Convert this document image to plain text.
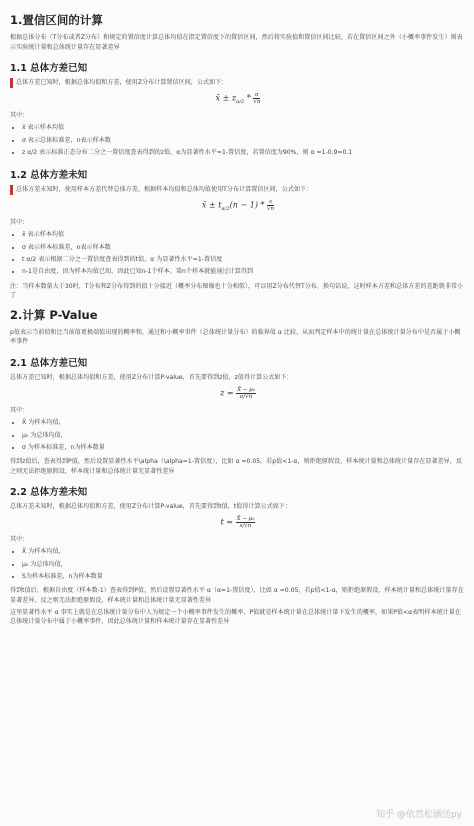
1.置信区间的计算

根据总体分布（T分布或者Z分布）和规定的置信度计算总体均值在指定置信度下的置信区间，然后将实验值和置信区间比较，若在置信区间之外（小概率事件发生）则表示实验统计量和总体统计量存在显著差异

1.1 总体方差已知

总体方差已知时，根据总体均值和方差，使用Z分布计算置信区间，公式如下：

x̄ ± $z_{\alpha/2} * \frac{\sigma}{√n}$

其中：

• x̄ 表示样本均值
• σ 表示总体标准差，n表示样本数
• z α/2 表示标准正态分布二分之一置信度查表得到的z值，α为显著性水平=1-置信度，若置信度为90%，则 α =1-0.9=0.1
1.2 总体方差未知

总体方差未知时，使用样本方差代替总体方差，根据样本均值和总体均值使用T分布计算置信区间，公式如下：

x̄ ± $t_{\alpha/2}(n - 1) * \frac{s}{√n}$

其中：

• x̄ 表示样本均值
• σ 表示样本标准差，n表示样本数
• t α/2 表示根据二分之一置信度查表得到的t值，α 为显著性水平=1-置信度
• n-1是自由度，因为样本均值已知，因此已知n-1个样本，第n个样本就能通过计算得到

注：当样本数量大于30时，T分布和Z分布得到的值十分接近（概率分布图像也十分相似），可以用Z分布代替T分布，换句话说，这时样本方差和总体方差的差距就非常小了

2.计算 P-Value

p值表示当前值和比当前值更极端值出现的概率和，通过和小概率事件（总体统计量分布）的临界值 α 比较，从而判定样本中的统计量在总体统计量分布中是否属于小概率事件

2.1 总体方差已知

总体方差已知时，根据总体均值和方差，使用Z分布计算P-value，首先要得到z值，z值得计算公式如下：

$z = \frac{\text{X̄ − μ₀}}{\sigma/√n}$

其中：

• X̄ 为样本均值，
• μ₀ 为总体均值，
• σ 为样本标准差，n为样本数量

得到z值后，查表得到P值，然后设置显著性水平\alpha（\alpha=1-置信度），比如 α =0.05，若p值<1-α，则拒绝原假设，样本统计量和总体统计量存在显著差异，反之则无法拒绝原假设，样本统计量和总体统计量无显著性差异

2.2 总体方差未知

总体方差未知时，根据总体均值和方差，使用Z分布计算P-value，首先要得到t值，t值得计算公式如下：

$t = \frac{\text{X̄ − μ₀}}{s/√n}$

其中：

• X̄ 为样本均值，
• μ₀ 为总体均值，
• S为样本标准差，n为样本数量

得到t值后，根据自由度（样本数-1）查表得到P值，然后设置显著性水平 α（α=1-置信度），比如 α =0.05，若p值<1-α，则拒绝原假设，样本统计量和总体统计量存在显著差异，反之则无法拒绝原假设，样本统计量和总体统计量无显著性差异

这里显著性水平 α 事实上就是在总体统计量分布中人为规定一个小概率事件发生的概率，P值就是样本统计量在总体统计量下发生的概率，如果P值<α表明样本统计量在总体统计量分布中属于小概率事件，因此总体统计量和样本统计量存在显著性差异

知乎 @依然松涵送py
